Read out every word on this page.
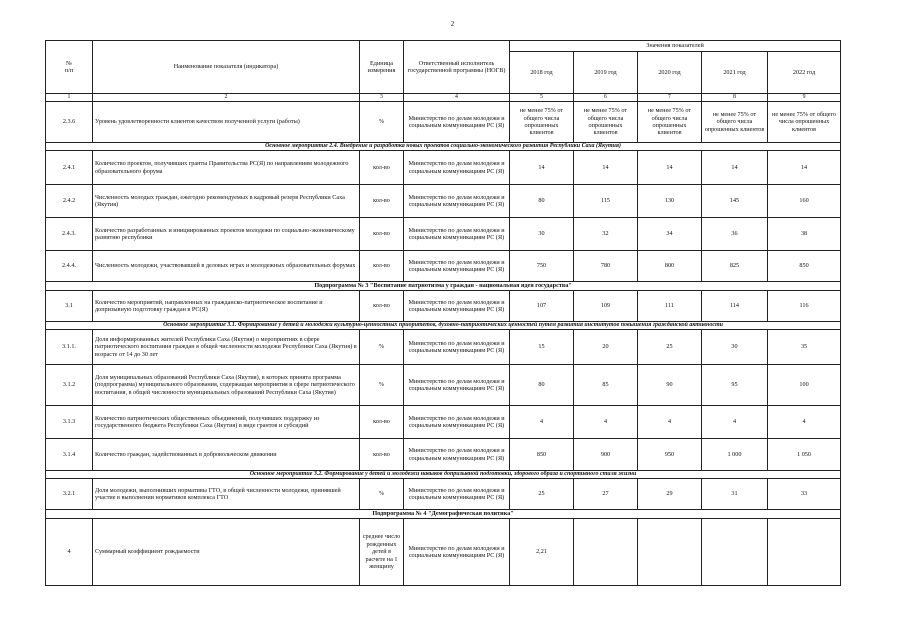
2
№
п/п	Наименование показателя (индикатора)	Единица измерения	Ответственный исполнитель государственной программы (НОГВ)	Значения показателей				
				2018 год	2019 год	2020 год	2021 год	2022 год
1	2	3	4	5	6	7	8	9
2.3.6	Уровень удовлетворенности клиентов качеством полученной услуги (работы)	%	Министерство по делам молодежи и социальным коммуникациям РС (Я)	не менее 75% от общего числа опрошенных клиентов	не менее 75% от общего числа опрошенных клиентов	не менее 75% от общего числа опрошенных клиентов	не менее 75% от общего числа опрошенных клиентов	не менее 75% от общего числа опрошенных клиентов
Основное мероприятие 2.4. Внедрение и разработка новых проектов социально-экономического развития Республики Саха (Якутия)								
2.4.1	Количество проектов, получивших гранты Правительства РС(Я) по направлениям молодежного образовательного форума	кол-во	Министерство по делам молодежи и социальным коммуникациям РС (Я)	14	14	14	14	14
2.4.2	Численность молодых граждан, ежегодно рекомендуемых в кадровый резерв Республики Саха (Якутия)	кол-во	Министерство по делам молодежи и социальным коммуникациям РС (Я)	80	115	130	145	160
2.4.3.	Количество разработанных и инициированных проектов молодежи по социально-экономическому развитию республики	кол-во	Министерство по делам молодежи и социальным коммуникациям РС (Я)	30	32	34	36	38
2.4.4.	Численность молодежи, участвовавшей в деловых играх и молодежных образовательных форумах	кол-во	Министерство по делам молодежи и социальным коммуникациям РС (Я)	750	780	800	825	850
Подпрограмма № 3 "Воспитание патриотизма у граждан - национальная идея государства"								
3.1	Количество мероприятий, направленных на гражданско-патриотическое воспитание и допризывную подготовку граждан в РС(Я)	кол-во	Министерство по делам молодежи и социальным коммуникациям РС (Я)	107	109	111	114	116
Основное мероприятие 3.1. Формирование у детей и молодежи культурно-ценностных приоритетов, духовно-патриотических ценностей путем развития институтов повышения гражданской активности								
3.1.1.	Доля информированных жителей Республики Саха (Якутия) о мероприятиях в сфере патриотического воспитания граждан в общей численности молодежи Республики Саха (Якутия) в возрасте от 14 до 30 лет	%	Министерство по делам молодежи и социальным коммуникациям РС (Я)	15	20	25	30	35
3.1.2	Доля муниципальных образований Республики Саха (Якутия), в которых принята программа (подпрограмма) муниципального образования, содержащая мероприятия в сфере патриотического воспитания, в общей численности муниципальных образований Республики Саха (Якутия)	%	Министерство по делам молодежи и социальным коммуникациям РС (Я)	80	85	90	95	100
3.1.3	Количество патриотических общественных объединений, получивших поддержку из государственного бюджета Республики Саха (Якутия) в виде грантов и субсидий	кол-во	Министерство по делам молодежи и социальным коммуникациям РС (Я)	4	4	4	4	4
3.1.4	Количество граждан, задействованных в добровольческом движении	кол-во	Министерство по делам молодежи и социальным коммуникациям РС (Я)	850	900	950	1 000	1 050
Основное мероприятие 3.2. Формирование у детей и молодежи навыков допризывной подготовки, здорового образа и спортивного стиля жизни								
3.2.1	Доля молодежи, выполнивших нормативы ГТО, в общей численности молодежи, принявшей участие в выполнении нормативов комплекса ГТО	%	Министерство по делам молодежи и социальным коммуникациям РС (Я)	25	27	29	31	33
Подпрограмма № 4 "Демографическая политика"								
4	Суммарный коэффициент рождаемости	среднее число рожденных детей в расчете на 1 женщину	Министерство по делам молодежи и социальным коммуникациям РС (Я)	2,21				
